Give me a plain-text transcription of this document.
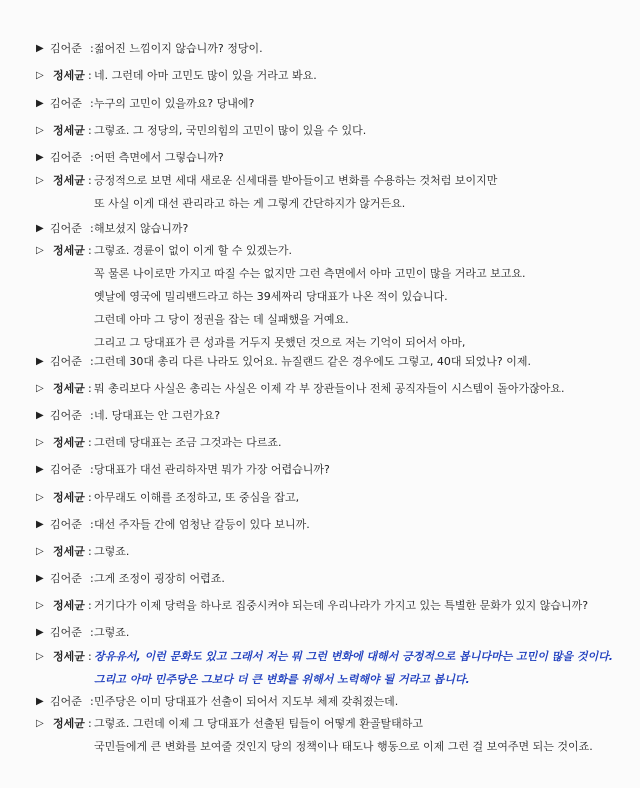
▶ 김어준 : 젊어진 느낌이지 않습니까? 정당이.
▷ 정세균 : 네. 그런데 아마 고민도 많이 있을 거라고 봐요.
▶ 김어준 : 누구의 고민이 있을까요? 당내에?
▷ 정세균 : 그렇죠. 그 정당의, 국민의힘의 고민이 많이 있을 수 있다.
▶ 김어준 : 어떤 측면에서 그렇습니까?
▷ 정세균 : 긍정적으로 보면 세대 새로운 신세대를 받아들이고 변화를 수용하는 것처럼 보이지만
또 사실 이게 대선 관리라고 하는 게 그렇게 간단하지가 않거든요.
▶ 김어준 : 해보셨지 않습니까?
▷ 정세균 : 그렇죠. 경륜이 없이 이게 할 수 있겠는가.
꼭 물론 나이로만 가지고 따질 수는 없지만 그런 측면에서 아마 고민이 많을 거라고 보고요.
옛날에 영국에 밀리밴드라고 하는 39세짜리 당대표가 나온 적이 있습니다.
그런데 아마 그 당이 정권을 잡는 데 실패했을 거예요.
그리고 그 당대표가 큰 성과를 거두지 못했던 것으로 저는 기억이 되어서 아마,
▶ 김어준 : 그런데 30대 총리 다른 나라도 있어요. 뉴질랜드 같은 경우에도 그렇고, 40대 되었나? 이제.
▷ 정세균 : 뭐 총리보다 사실은 총리는 사실은 이제 각 부 장관들이나 전체 공직자들이 시스템이 돌아가잖아요.
▶ 김어준 : 네. 당대표는 안 그런가요?
▷ 정세균 : 그런데 당대표는 조금 그것과는 다르죠.
▶ 김어준 : 당대표가 대선 관리하자면 뭐가 가장 어렵습니까?
▷ 정세균 : 아무래도 이해를 조정하고, 또 중심을 잡고,
▶ 김어준 : 대선 주자들 간에 엄청난 갈등이 있다 보니까.
▷ 정세균 : 그렇죠.
▶ 김어준 : 그게 조정이 굉장히 어렵죠.
▷ 정세균 : 거기다가 이제 당력을 하나로 집중시켜야 되는데 우리나라가 가지고 있는 특별한 문화가 있지 않습니까?
▶ 김어준 : 그렇죠.
▷ 정세균 : 장유유서, 이런 문화도 있고 그래서 저는 뭐 그런 변화에 대해서 긍정적으로 봅니다마는 고민이 많을 것이다.
그리고 아마 민주당은 그보다 더 큰 변화를 위해서 노력해야 될 거라고 봅니다.
▶ 김어준 : 민주당은 이미 당대표가 선출이 되어서 지도부 체제 갖춰졌는데.
▷ 정세균 : 그렇죠. 그런데 이제 그 당대표가 선출된 팀들이 어떻게 환골탈태하고
국민들에게 큰 변화를 보여줄 것인지 당의 정책이나 태도나 행동으로 이제 그런 걸 보여주면 되는 것이죠.
